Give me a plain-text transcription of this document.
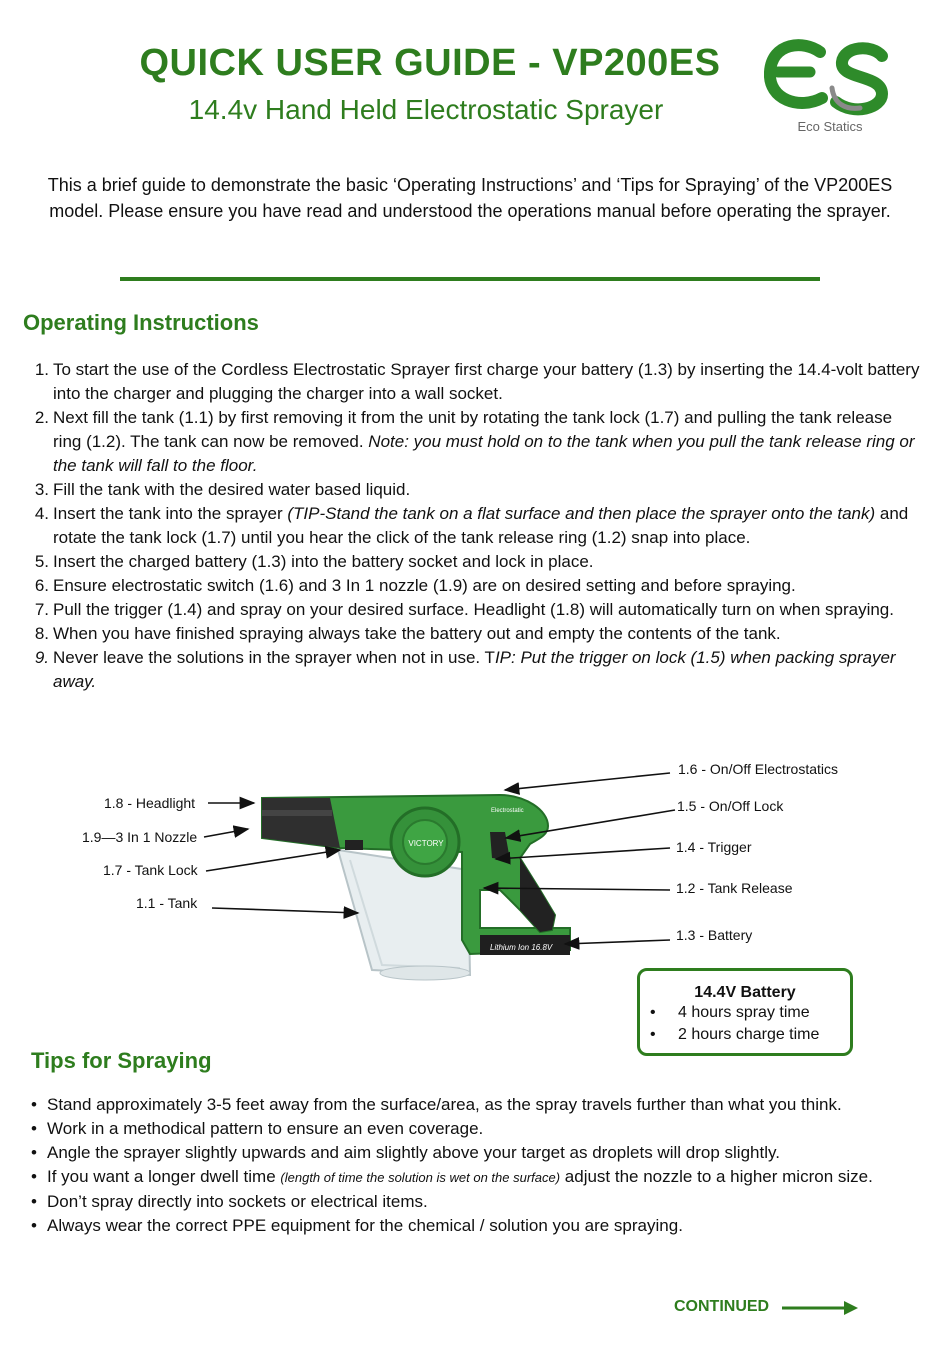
QUICK USER GUIDE - VP200ES
14.4v Hand Held Electrostatic Sprayer
Eco Statics
This a brief guide to demonstrate the basic ‘Operating Instructions’ and ‘Tips for Spraying’ of the VP200ES model. Please ensure you have read and understood the operations manual before operating the sprayer.
Operating Instructions
1. To start the use of the Cordless Electrostatic Sprayer first charge your battery (1.3) by inserting the 14.4-volt battery into the charger and plugging the charger into a wall socket.
2. Next fill the tank (1.1) by first removing it from the unit by rotating the tank lock (1.7) and pulling the tank release ring (1.2). The tank can now be removed. Note: you must hold on to the tank when you pull the tank release ring or the tank will fall to the floor.
3. Fill the tank with the desired water based liquid.
4. Insert the tank into the sprayer (TIP-Stand the tank on a flat surface and then place the sprayer onto the tank) and rotate the tank lock (1.7) until you hear the click of the tank release ring (1.2) snap into place.
5. Insert the charged battery (1.3) into the battery socket and lock in place.
6. Ensure electrostatic switch (1.6) and 3 In 1 nozzle (1.9) are on desired setting and before spraying.
7. Pull the trigger (1.4) and spray on your desired surface. Headlight (1.8) will automatically turn on when spraying.
8. When you have finished spraying always take the battery out and empty the contents of the tank.
9. Never leave the solutions in the sprayer when not in use. TIP: Put the trigger on lock (1.5) when packing sprayer away.
VICTORY
Electrostatic
Lithium Ion 16.8V
1.8 - Headlight
1.9—3 In 1 Nozzle
1.7 - Tank Lock
1.1 - Tank
1.6 - On/Off Electrostatics
1.5 - On/Off Lock
1.4 - Trigger
1.2 - Tank Release
1.3 - Battery
14.4V Battery
• 4 hours spray time
• 2 hours charge time
Tips for Spraying
• Stand approximately 3-5 feet away from the surface/area, as the spray travels further than what you think.
• Work in a methodical pattern to ensure an even coverage.
• Angle the sprayer slightly upwards and aim slightly above your target as droplets will drop slightly.
• If you want a longer dwell time (length of time the solution is wet on the surface) adjust the nozzle to a higher micron size.
• Don’t spray directly into sockets or electrical items.
• Always wear the correct PPE equipment for the chemical / solution you are spraying.
CONTINUED
